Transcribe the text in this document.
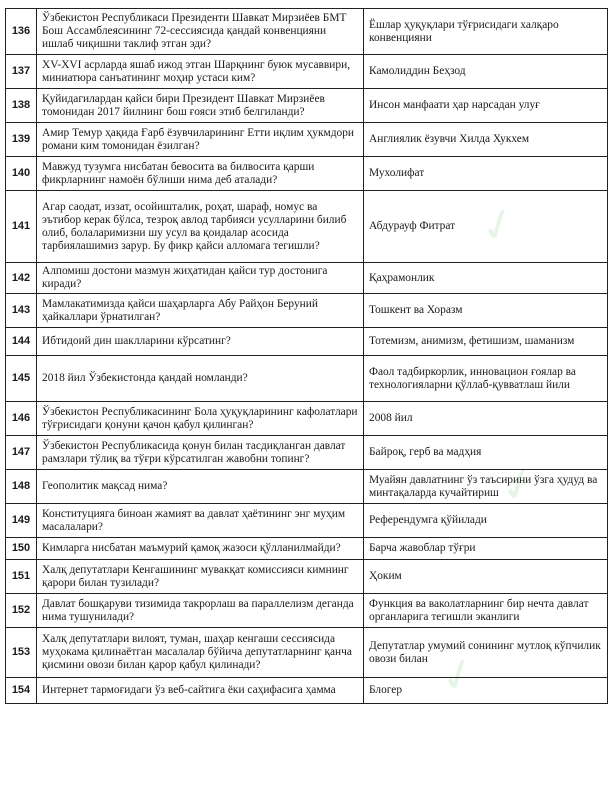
✓
✓
✓
136	Ўзбекистон Республикаси Президенти Шавкат Мирзиёев БМТ Бош Ассамблеясининг 72-сессиясида қандай конвенцияни ишлаб чиқишни таклиф этган эди?	Ёшлар ҳуқуқлари тўғрисидаги халқаро конвенцияни
137	XV-XVI асрларда яшаб ижод этган Шарқнинг буюк мусаввири, миниатюра санъатининг моҳир устаси ким?	Камолиддин Беҳзод
138	Қуйидагилардан қайси бири Президент Шавкат Мирзиёев томонидан 2017 йилнинг бош ғояси этиб белгиланди?	Инсон манфаати ҳар нарсадан улуғ
139	Амир Темур ҳақида Ғарб ёзувчиларининг Етти иқлим ҳукмдори романи ким томонидан ёзилган?	Англиялик ёзувчи Хилда Хукхем
140	Мавжуд тузумга нисбатан бевосита ва билвосита қарши фикрларнинг намоён бўлиши нима деб аталади?	Мухолифат
141	Агар саодат, иззат, осойишталик, роҳат, шараф, номус ва эътибор керак бўлса, тезроқ авлод тарбияси усулларини билиб олиб, болаларимизни шу усул ва қоидалар асосида тарбиялашимиз зарур. Бу фикр қайси алломага тегишли?	Абдурауф Фитрат
142	Алпомиш достони мазмун жиҳатидан қайси тур достонига киради?	Қаҳрамонлик
143	Мамлакатимизда қайси шаҳарларга Абу Райҳон Беруний ҳайкаллари ўрнатилган?	Тошкент ва Хоразм
144	Ибтидоий дин шаклларини кўрсатинг?	Тотемизм, анимизм, фетишизм, шаманизм
145	2018 йил Ўзбекистонда қандай номланди?	Фаол тадбиркорлик, инновацион ғоялар ва технологияларни қўллаб-қувватлаш йили
146	Ўзбекистон Республикасининг Бола ҳуқуқларининг кафолатлари тўғрисидаги қонуни қачон қабул қилинган?	2008 йил
147	Ўзбекистон Республикасида қонун билан тасдиқланган давлат рамзлари тўлиқ ва тўғри кўрсатилган жавобни топинг?	Байроқ, герб ва мадҳия
148	Геополитик мақсад нима?	Муайян давлатнинг ўз таъсирини ўзга ҳудуд ва минтақаларда кучайтириш
149	Конституцияга биноан жамият ва давлат ҳаётининг энг муҳим масалалари?	Референдумга қўйилади
150	Кимларга нисбатан маъмурий қамоқ жазоси қўлланилмайди?	Барча жавоблар тўғри
151	Халқ депутатлари Кенгашининг мувакқат комиссияси кимнинг қарори билан тузилади?	Ҳоким
152	Давлат бошқаруви тизимида такрорлаш ва параллелизм деганда нима тушунилади?	Функция ва ваколатларнинг бир нечта давлат органларига тегишли эканлиги
153	Халқ депутатлари вилоят, туман, шаҳар кенгаши сессиясида муҳокама қилинаётган масалалар бўйича депутатларнинг қанча қисмини овози билан қарор қабул қилинади?	Депутатлар умумий сонининг мутлоқ кўпчилик овози билан
154	Интернет тармоғидаги ўз веб-сайтига ёки саҳифасига ҳамма	Блогер
